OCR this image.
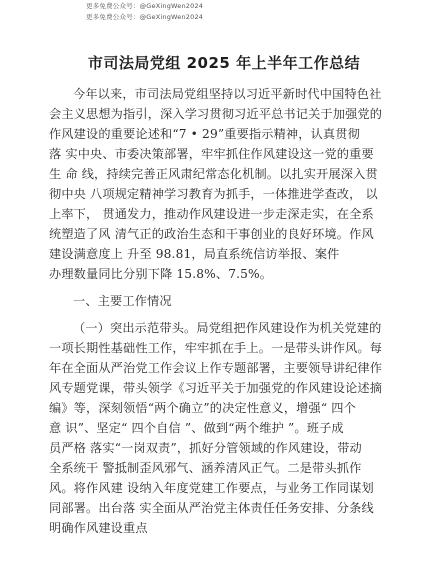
更多免费公众号：@GeXingWen2024
更多免费公众号：@GeXingWen2024
市司法局党组 2025 年上半年工作总结
今年以来，市司法局党组坚持以习近平新时代中国特色社
会主义思想为指引，深入学习贯彻习近平总书记关于加强党的
作风建设的重要论述和“7 • 29”重要指示精神，认真贯彻
落 实中央、市委决策部署，牢牢抓住作风建设这一党的重要
生 命 线，持续完善正风肃纪常态化机制。以扎实开展深入贯
彻中央 八项规定精神学习教育为抓手，一体推进学查改， 以
上率下， 贯通发力，推动作风建设进一步走深走实，在全系
统塑造了风 清气正的政治生态和干事创业的良好环境。作风
建设满意度上 升至 98.81，局直系统信访举报、案件
办理数量同比分别下降 15.8%、7.5%。
一、主要工作情况
（一）突出示范带头。局党组把作风建设作为机关党建的
一项长期性基础性工作，牢牢抓在手上。一是带头讲作风。每
年在全面从严治党工作会议上作专题部署，主要领导讲纪律作
风专题党课，带头领学《习近平关于加强党的作风建设论述摘
编》等，深刻领悟“两个确立”的决定性意义，增强“ 四个
意 识”、坚定“ 四个自信 ”、做到“两个维护 ”。班子成
员严格 落实“一岗双责”，抓好分管领域的作风建设，带动
全系统干 警抵制歪风邪气、涵养清风正气。二是带头抓作
风。将作风建 设纳入年度党建工作要点，与业务工作同谋划
同部署。出台落 实全面从严治党主体责任任务安排、分条线
明确作风建设重点
